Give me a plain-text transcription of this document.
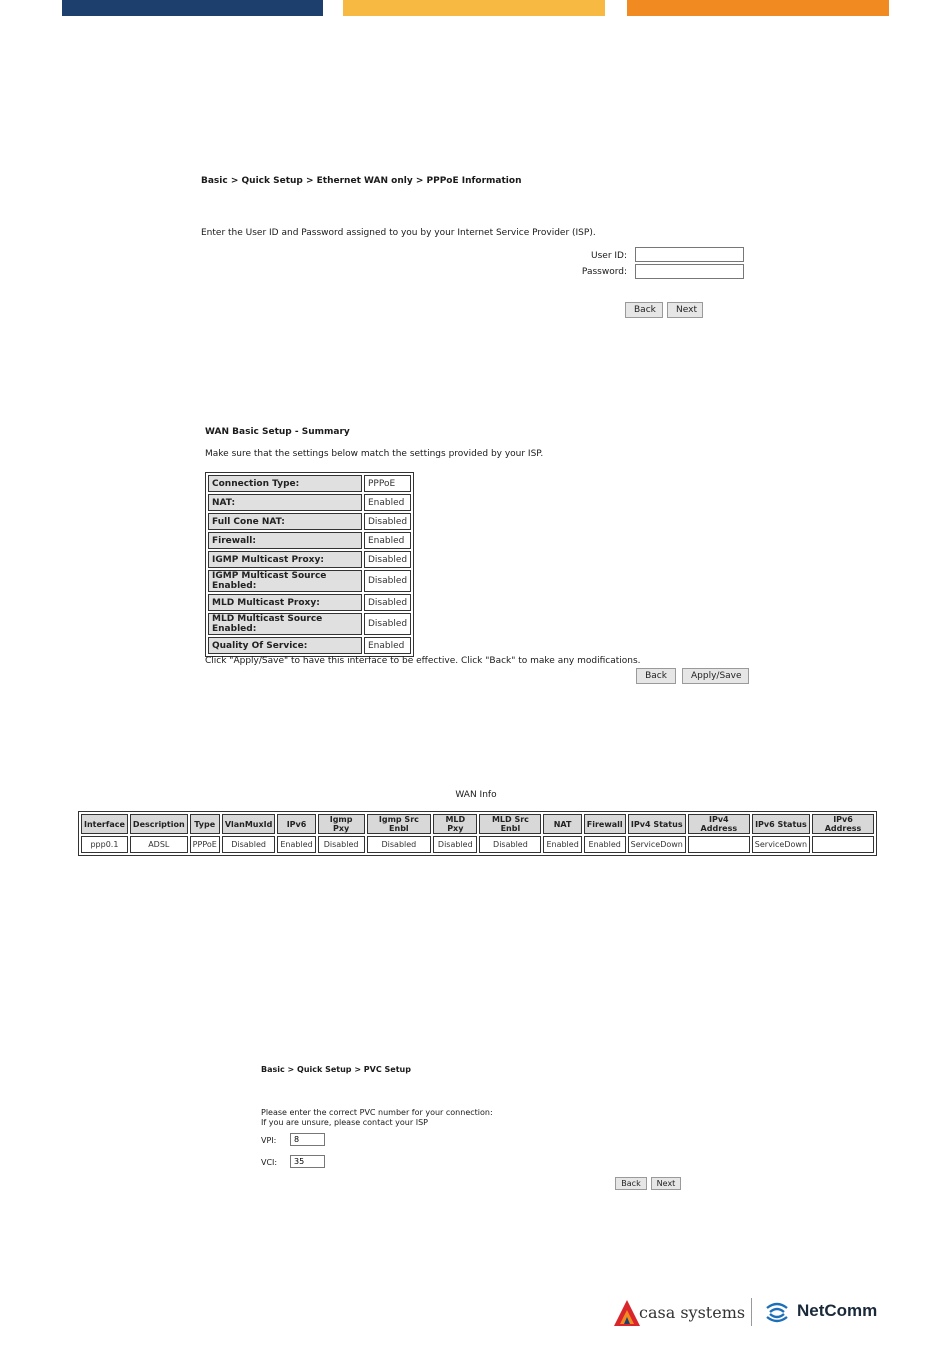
Basic > Quick Setup > Ethernet WAN only > PPPoE Information
Enter the User ID and Password assigned to you by your Internet Service Provider (ISP).
User ID:
Password:
Back	Next
WAN Basic Setup - Summary
Make sure that the settings below match the settings provided by your ISP.
Connection Type:	PPPoE
NAT:	Enabled
Full Cone NAT:	Disabled
Firewall:	Enabled
IGMP Multicast Proxy:	Disabled
IGMP Multicast Source Enabled:	Disabled
MLD Multicast Proxy:	Disabled
MLD Multicast Source Enabled:	Disabled
Quality Of Service:	Enabled
Click "Apply/Save" to have this interface to be effective. Click "Back" to make any modifications.
Back	Apply/Save
WAN Info
Interface	Description	Type	VlanMuxId	IPv6	Igmp Pxy	Igmp Src Enbl	MLD Pxy	MLD Src Enbl	NAT	Firewall	IPv4 Status	IPv4 Address	IPv6 Status	IPv6 Address
ppp0.1	ADSL	PPPoE	Disabled	Enabled	Disabled	Disabled	Disabled	Disabled	Enabled	Enabled	ServiceDown		ServiceDown	
Basic > Quick Setup > PVC Setup
Please enter the correct PVC number for your connection:
If you are unsure, please contact your ISP
VPI:
8
VCI:
35
Back	Next
casa systems	NetComm
